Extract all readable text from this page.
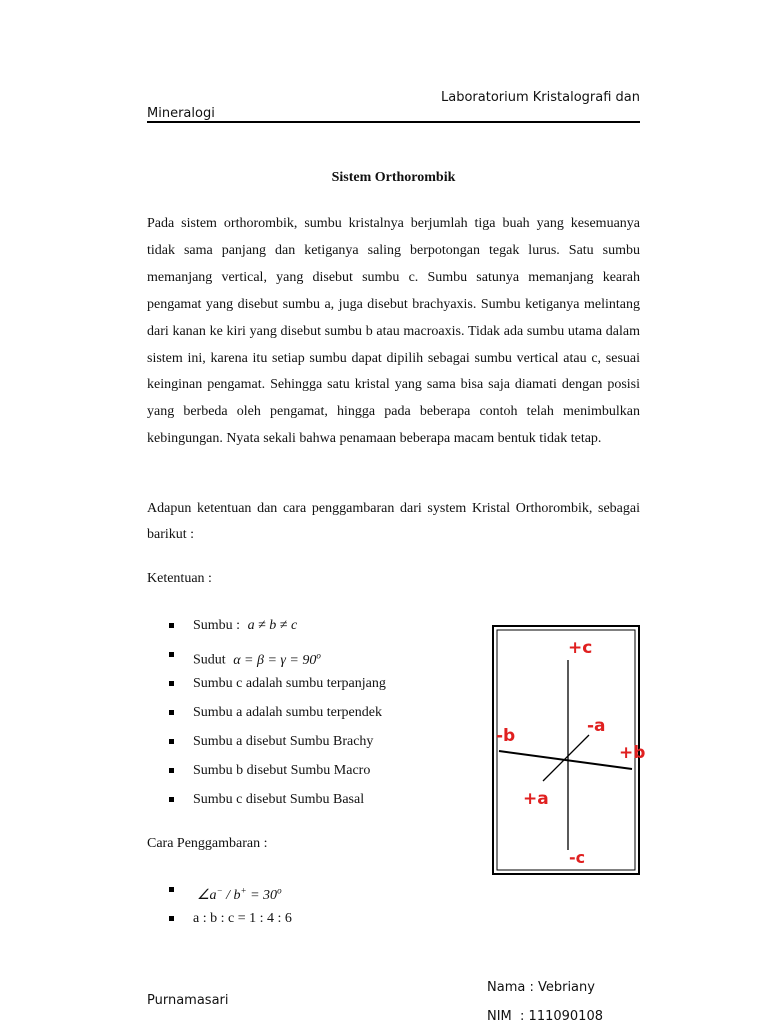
Laboratorium Kristalografi dan
Mineralogi
Sistem Orthorombik

Pada sistem orthorombik, sumbu kristalnya berjumlah tiga buah yang kesemuanya tidak sama panjang dan ketiganya saling berpotongan tegak lurus. Satu sumbu memanjang vertical, yang disebut sumbu c. Sumbu satunya memanjang kearah pengamat yang disebut sumbu a, juga disebut brachyaxis. Sumbu ketiganya melintang dari kanan ke kiri yang disebut sumbu b atau macroaxis. Tidak ada sumbu utama dalam sistem ini, karena itu setiap sumbu dapat dipilih sebagai sumbu vertical atau c, sesuai keinginan pengamat. Sehingga satu kristal yang sama bisa saja diamati dengan posisi yang berbeda oleh pengamat, hingga pada beberapa contoh telah menimbulkan kebingungan. Nyata sekali bahwa penamaan beberapa macam bentuk tidak tetap.

Adapun ketentuan dan cara penggambaran dari system Kristal Orthorombik, sebagai barikut :

Ketentuan :
Sumbu : a ≠ b ≠ c
Sudut $\alpha = \beta = \gamma = 90^o$
Sumbu c adalah sumbu terpanjang
Sumbu a adalah sumbu terpendek
Sumbu a disebut Sumbu Brachy
Sumbu b disebut Sumbu Macro
Sumbu c disebut Sumbu Basal
Cara Penggambaran :
∠a− / $b^+ = 30^o$
a : b : c = 1 : 4 : 6
+c
-c
-b
+b
-a
+a
Purnamasari
Nama : Vebriany
NIM  : 111090108
